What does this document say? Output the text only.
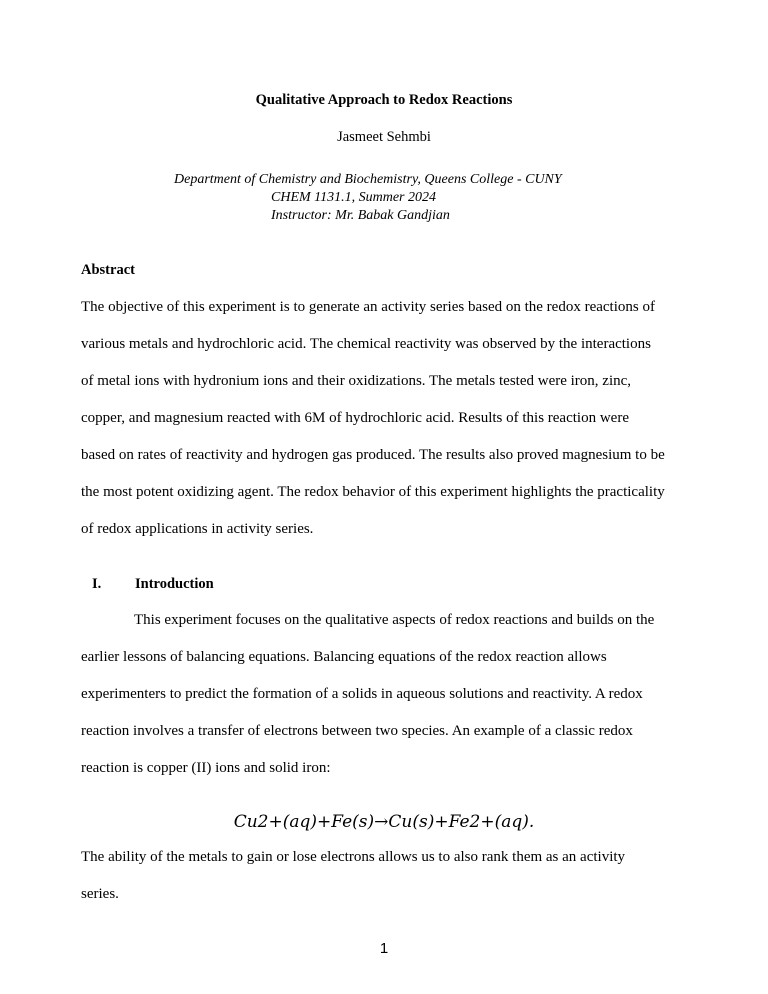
Qualitative Approach to Redox Reactions
Jasmeet Sehmbi
Department of Chemistry and Biochemistry, Queens College - CUNY
CHEM 1131.1, Summer 2024
Instructor: Mr. Babak Gandjian
Abstract
The objective of this experiment is to generate an activity series based on the redox reactions of
various metals and hydrochloric acid. The chemical reactivity was observed by the interactions
of metal ions with hydronium ions and their oxidizations. The metals tested were iron, zinc,
copper, and magnesium reacted with 6M of hydrochloric acid. Results of this reaction were
based on rates of reactivity and hydrogen gas produced. The results also proved magnesium to be
the most potent oxidizing agent. The redox behavior of this experiment highlights the practicality
of redox applications in activity series.
I. Introduction
This experiment focuses on the qualitative aspects of redox reactions and builds on the
earlier lessons of balancing equations. Balancing equations of the redox reaction allows
experimenters to predict the formation of a solids in aqueous solutions and reactivity. A redox
reaction involves a transfer of electrons between two species. An example of a classic redox
reaction is copper (II) ions and solid iron:
Cu2+(aq)+Fe(s)→Cu(s)+Fe2+(aq).
The ability of the metals to gain or lose electrons allows us to also rank them as an activity
series.
1
